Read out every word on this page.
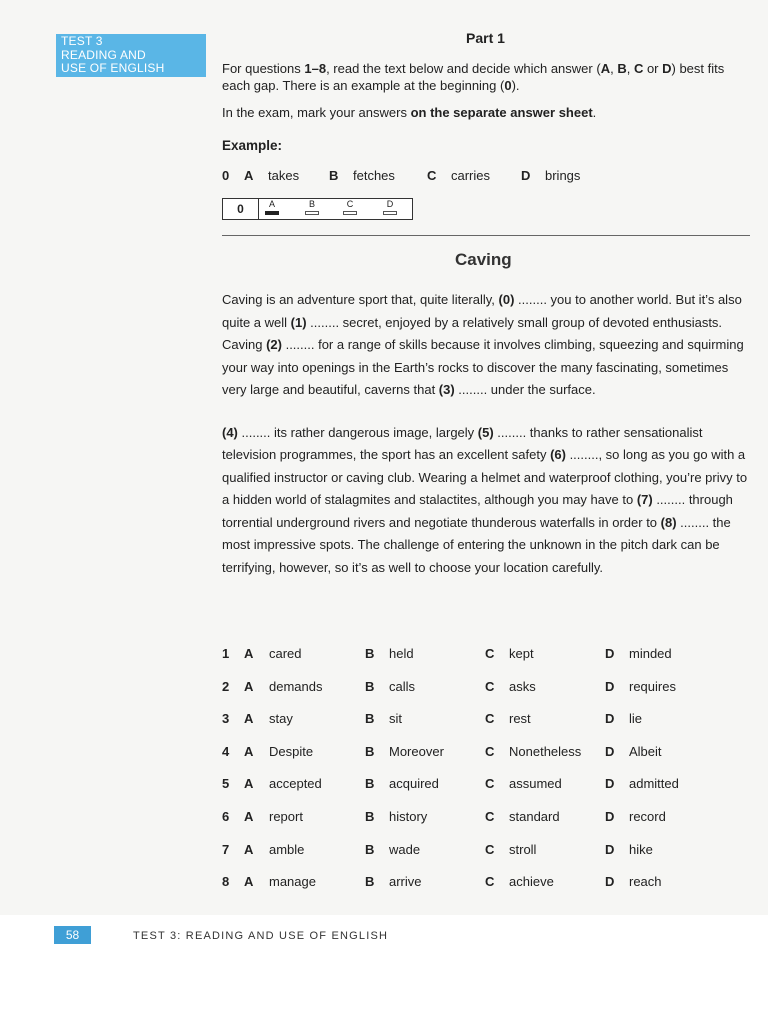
TEST 3
READING AND
USE OF ENGLISH
Part 1

For questions 1–8, read the text below and decide which answer (A, B, C or D) best fits each gap. There is an example at the beginning (0).

In the exam, mark your answers on the separate answer sheet.

Example:
0 A takes B fetches C carries D brings
0	A	B	C	D
Caving

Caving is an adventure sport that, quite literally, (0) ........ you to another world. But it’s also quite a well (1) ........ secret, enjoyed by a relatively small group of devoted enthusiasts. Caving (2) ........ for a range of skills because it involves climbing, squeezing and squirming your way into openings in the Earth’s rocks to discover the many fascinating, sometimes very large and beautiful, caverns that (3) ........ under the surface.

(4) ........ its rather dangerous image, largely (5) ........ thanks to rather sensationalist television programmes, the sport has an excellent safety (6) ........, so long as you go with a qualified instructor or caving club. Wearing a helmet and waterproof clothing, you’re privy to a hidden world of stalagmites and stalactites, although you may have to (7) ........ through torrential underground rivers and negotiate thunderous waterfalls in order to (8) ........ the most impressive spots. The challenge of entering the unknown in the pitch dark can be terrifying, however, so it’s as well to choose your location carefully.

1 A cared	B held	C kept	D minded
2 A demands	B calls	C asks	D requires
3 A stay	B sit	C rest	D lie
4 A Despite	B Moreover	C Nonetheless D Albeit
5 A accepted	B acquired	C assumed	D admitted
6 A report	B history	C standard	D record
7 A amble	B wade	C stroll	D hike
8 A manage	B arrive	C achieve	D reach
58	TEST 3: READING AND USE OF ENGLISH
